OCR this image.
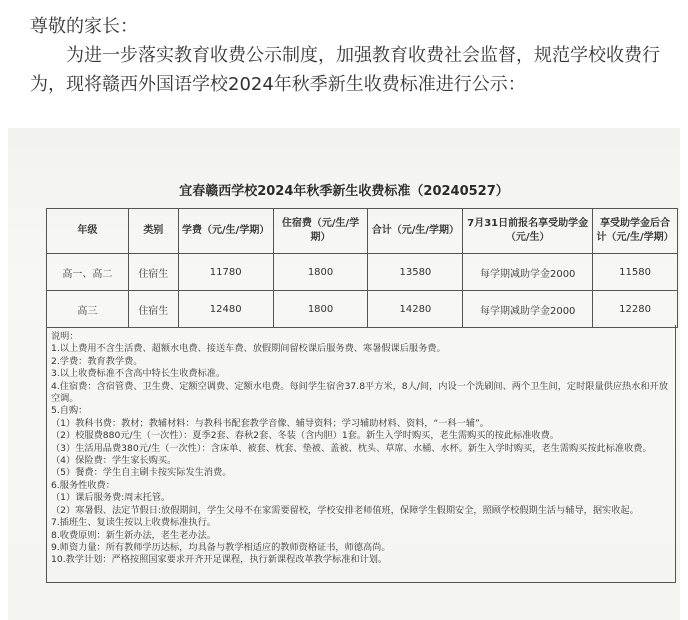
尊敬的家长：

为进一步落实教育收费公示制度，加强教育收费社会监督，规范学校收费行为，现将赣西外国语学校2024年秋季新生收费标准进行公示：

宜春赣西学校2024年秋季新生收费标准（20240527）
年级	类别	学费（元/生/学期）	住宿费（元/生/学期）	合计（元/生/学期）	7月31日前报名享受助学金（元/生）	享受助学金后合计（元/生/学期）
高一、高二	住宿生	11780	1800	13580	每学期减助学金2000	11580
高三	住宿生	12480	1800	14280	每学期减助学金2000	12280
说明：
1.以上费用不含生活费、超额水电费、接送车费、放假期间留校课后服务费、寒暑假课后服务费。
2.学费：教育教学费。
3.以上收费标准不含高中特长生收费标准。
4.住宿费：含宿管费、卫生费、定额空调费、定额水电费。每间学生宿舍37.8平方米，8人/间，内设一个洗刷间、两个卫生间，定时限量供应热水和开放空调。
5.自购：
（1）教科书费：教材；教辅材料：与教科书配套教学音像、辅导资料；学习辅助材料、资料，“一科一辅”。
（2）校服费880元/生（一次性）：夏季2套、春秋2套、冬装（含内胆）1套。新生入学时购买，老生需购买的按此标准收费。
（3）生活用品费380元/生（一次性）：含床单、被套、枕套、垫被、盖被、枕头、草席、水桶、水杯。新生入学时购买，老生需购买按此标准收费。
（4）保险费：学生家长购买。
（5）餐费：学生自主刷卡按实际发生消费。
6.服务性收费：
（1）课后服务费:周末托管。
（2）寒暑假、法定节假日:放假期间，学生父母不在家需要留校，学校安排老师值班，保障学生假期安全，照顾学校假期生活与辅导，据实收起。
7.插班生、复读生按以上收费标准执行。
8.收费原则：新生新办法，老生老办法。
9.师资力量：所有教师学历达标，均具备与教学相适应的教师资格证书，师德高尚。
10.教学计划：严格按照国家要求开齐开足课程，执行新课程改革教学标准和计划。
